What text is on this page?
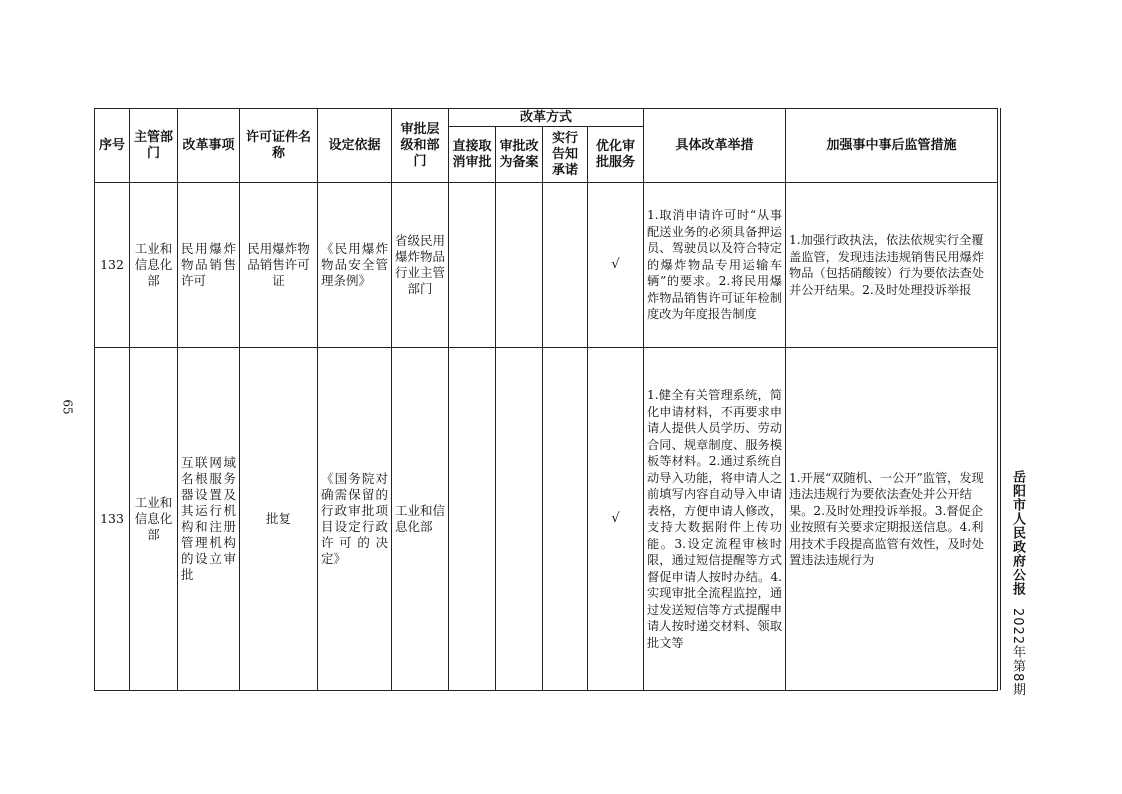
序号	主管部门	改革事项	许可证件名称	设定依据	审批层级和部门	改革方式				具体改革举措	加强事中事后监管措施

						直接取消审批	审批改为备案	实行告知承诺	优化审批服务		

132	工业和信息化部	民用爆炸物品销售许可	民用爆炸物品销售许可证	《民用爆炸物品安全管理条例》	省级民用爆炸物品行业主管部门				√	1.取消申请许可时“从事配送业务的必须具备押运员、驾驶员以及符合特定的爆炸物品专用运输车辆”的要求。2.将民用爆炸物品销售许可证年检制度改为年度报告制度	1.加强行政执法，依法依规实行全覆盖监管，发现违法违规销售民用爆炸物品（包括硝酸铵）行为要依法查处并公开结果。2.及时处理投诉举报

133	工业和信息化部	互联网域名根服务器设置及其运行机构和注册管理机构的设立审批	批复	《国务院对确需保留的行政审批项目设定行政许可的决定》	工业和信息化部				√	1.健全有关管理系统，简化申请材料，不再要求申请人提供人员学历、劳动合同、规章制度、服务模板等材料。2.通过系统自动导入功能，将申请人之前填写内容自动导入申请表格，方便申请人修改，支持大数据附件上传功能。3.设定流程审核时限，通过短信提醒等方式督促申请人按时办结。4.实现审批全流程监控，通过发送短信等方式提醒申请人按时递交材料、领取批文等	1.开展“双随机、一公开”监管，发现违法违规行为要依法查处并公开结果。2.及时处理投诉举报。3.督促企业按照有关要求定期报送信息。4.利用技术手段提高监管有效性，及时处置违法违规行为
65
岳阳市人民政府公报 2022年第8期
